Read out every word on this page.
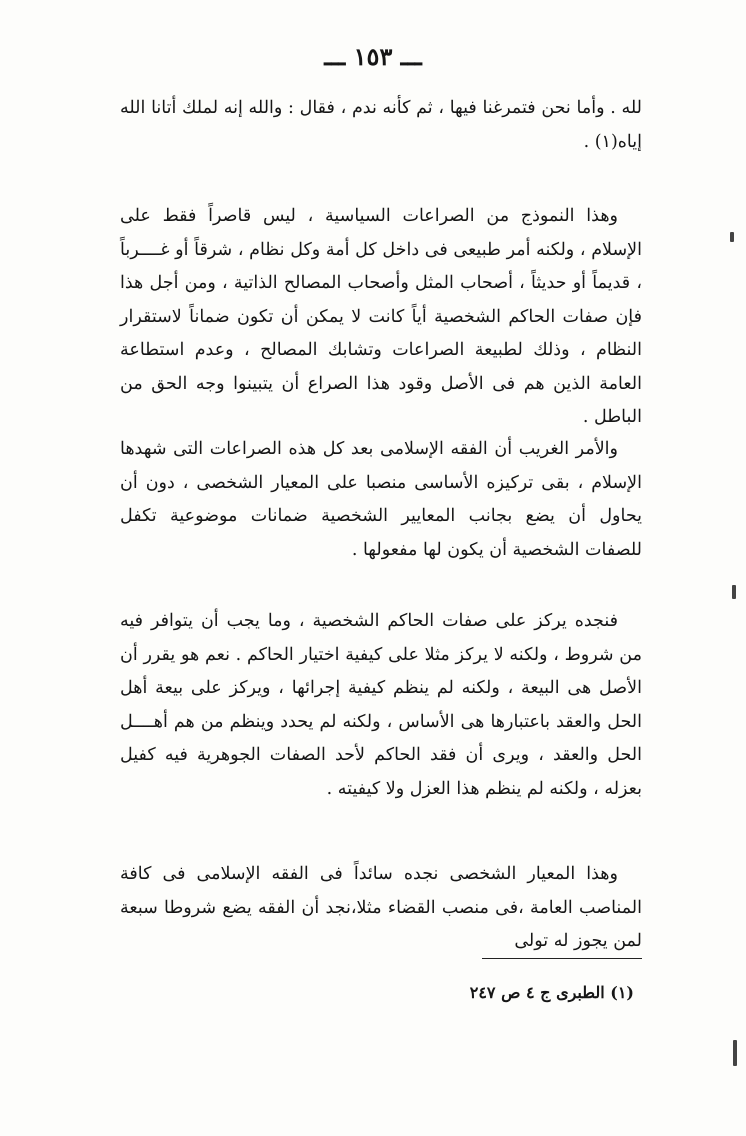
ـــ ١٥٣ ـــ

لله . وأما نحن فتمرغنا فيها ، ثم كأنه ندم ، فقال : والله إنه لملك أتانا الله إياه(١) .

وهذا النموذج من الصراعات السياسية ، ليس قاصراً فقط على الإسلام ، ولكنه أمر طبيعى فى داخل كل أمة وكل نظام ، شرقاً أو غــــرباً ، قديماً أو حديثاً ، أصحاب المثل وأصحاب المصالح الذاتية ، ومن أجل هذا فإن صفات الحاكم الشخصية أياً كانت لا يمكن أن تكون ضماناً لاستقرار النظام ، وذلك لطبيعة الصراعات وتشابك المصالح ، وعدم استطاعة العامة الذين هم فى الأصل وقود هذا الصراع أن يتبينوا وجه الحق من الباطل .

والأمر الغريب أن الفقه الإسلامى بعد كل هذه الصراعات التى شهدها الإسلام ، بقى تركيزه الأساسى منصبا على المعيار الشخصى ، دون أن يحاول أن يضع بجانب المعايير الشخصية ضمانات موضوعية تكفل للصفات الشخصية أن يكون لها مفعولها .

فنجده يركز على صفات الحاكم الشخصية ، وما يجب أن يتوافر فيه من شروط ، ولكنه لا يركز مثلا على كيفية اختيار الحاكم . نعم هو يقرر أن الأصل هى البيعة ، ولكنه لم ينظم كيفية إجرائها ، ويركز على بيعة أهل الحل والعقد باعتبارها هى الأساس ، ولكنه لم يحدد وينظم من هم أهــــل الحل والعقد ، ويرى أن فقد الحاكم لأحد الصفات الجوهرية فيه كفيل بعزله ، ولكنه لم ينظم هذا العزل ولا كيفيته .

وهذا المعيار الشخصى نجده سائداً فى الفقه الإسلامى فى كافة المناصب العامة ،فى منصب القضاء مثلا،نجد أن الفقه يضع شروطا سبعة لمن يجوز له تولى

(١) الطبرى ج ٤ ص ٢٤٧
